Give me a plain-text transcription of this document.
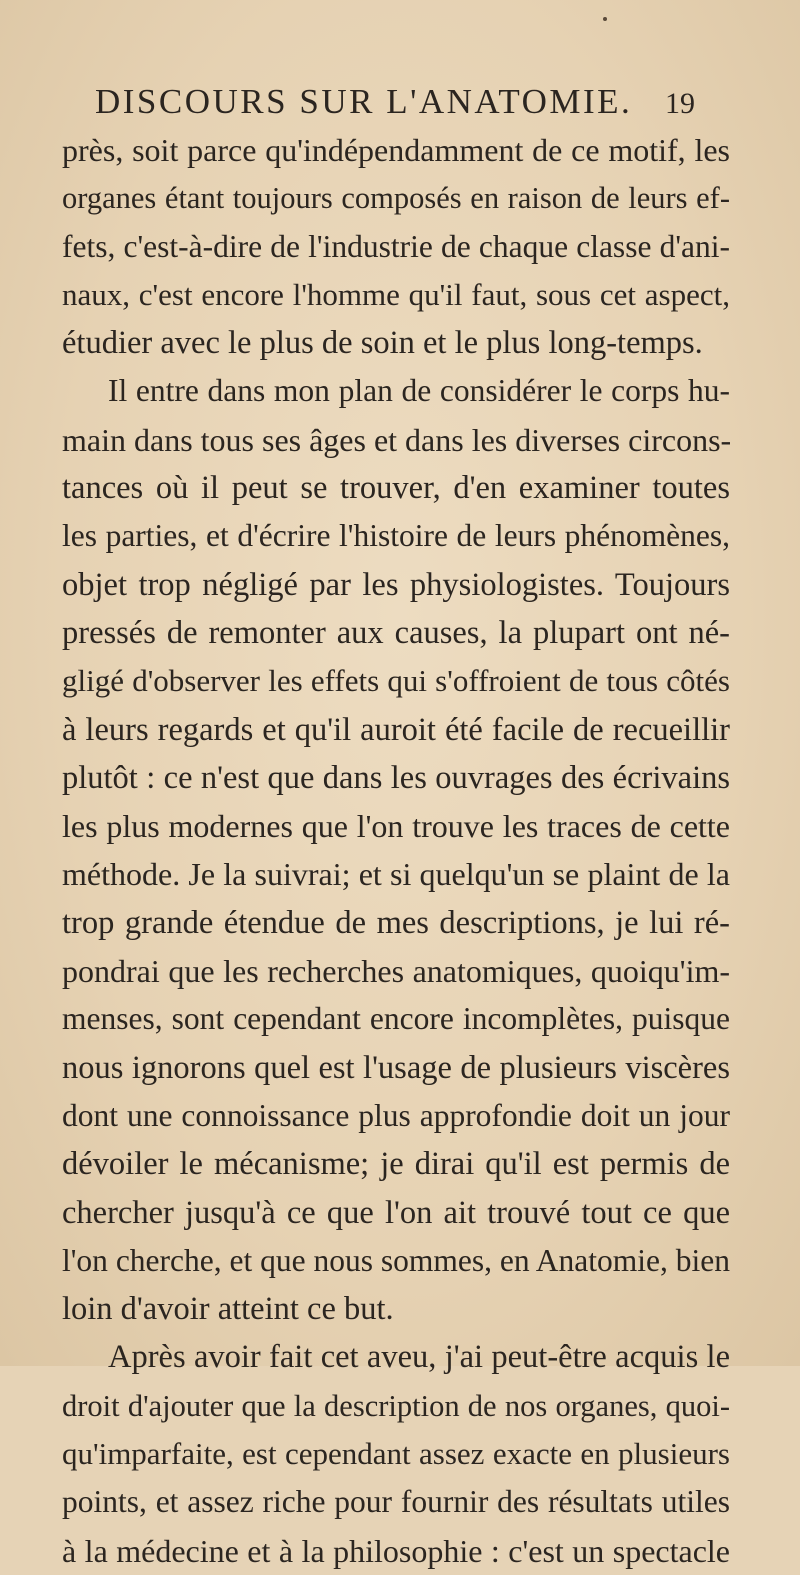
DISCOURS SUR L'ANATOMIE. 19
près, soit parce qu'indépendamment de ce motif, les
organes étant toujours composés en raison de leurs ef-
fets, c'est-à-dire de l'industrie de chaque classe d'ani-
naux, c'est encore l'homme qu'il faut, sous cet aspect,
étudier avec le plus de soin et le plus long-temps.
Il entre dans mon plan de considérer le corps hu-
main dans tous ses âges et dans les diverses circons-
tances où il peut se trouver, d'en examiner toutes
les parties, et d'écrire l'histoire de leurs phénomènes,
objet trop négligé par les physiologistes. Toujours
pressés de remonter aux causes, la plupart ont né-
gligé d'observer les effets qui s'offroient de tous côtés
à leurs regards et qu'il auroit été facile de recueillir
plutôt : ce n'est que dans les ouvrages des écrivains
les plus modernes que l'on trouve les traces de cette
méthode. Je la suivrai; et si quelqu'un se plaint de la
trop grande étendue de mes descriptions, je lui ré-
pondrai que les recherches anatomiques, quoiqu'im-
menses, sont cependant encore incomplètes, puisque
nous ignorons quel est l'usage de plusieurs viscères
dont une connoissance plus approfondie doit un jour
dévoiler le mécanisme; je dirai qu'il est permis de
chercher jusqu'à ce que l'on ait trouvé tout ce que
l'on cherche, et que nous sommes, en Anatomie, bien
loin d'avoir atteint ce but.
Après avoir fait cet aveu, j'ai peut-être acquis le
droit d'ajouter que la description de nos organes, quoi-
qu'imparfaite, est cependant assez exacte en plusieurs
points, et assez riche pour fournir des résultats utiles
à la médecine et à la philosophie : c'est un spectacle
